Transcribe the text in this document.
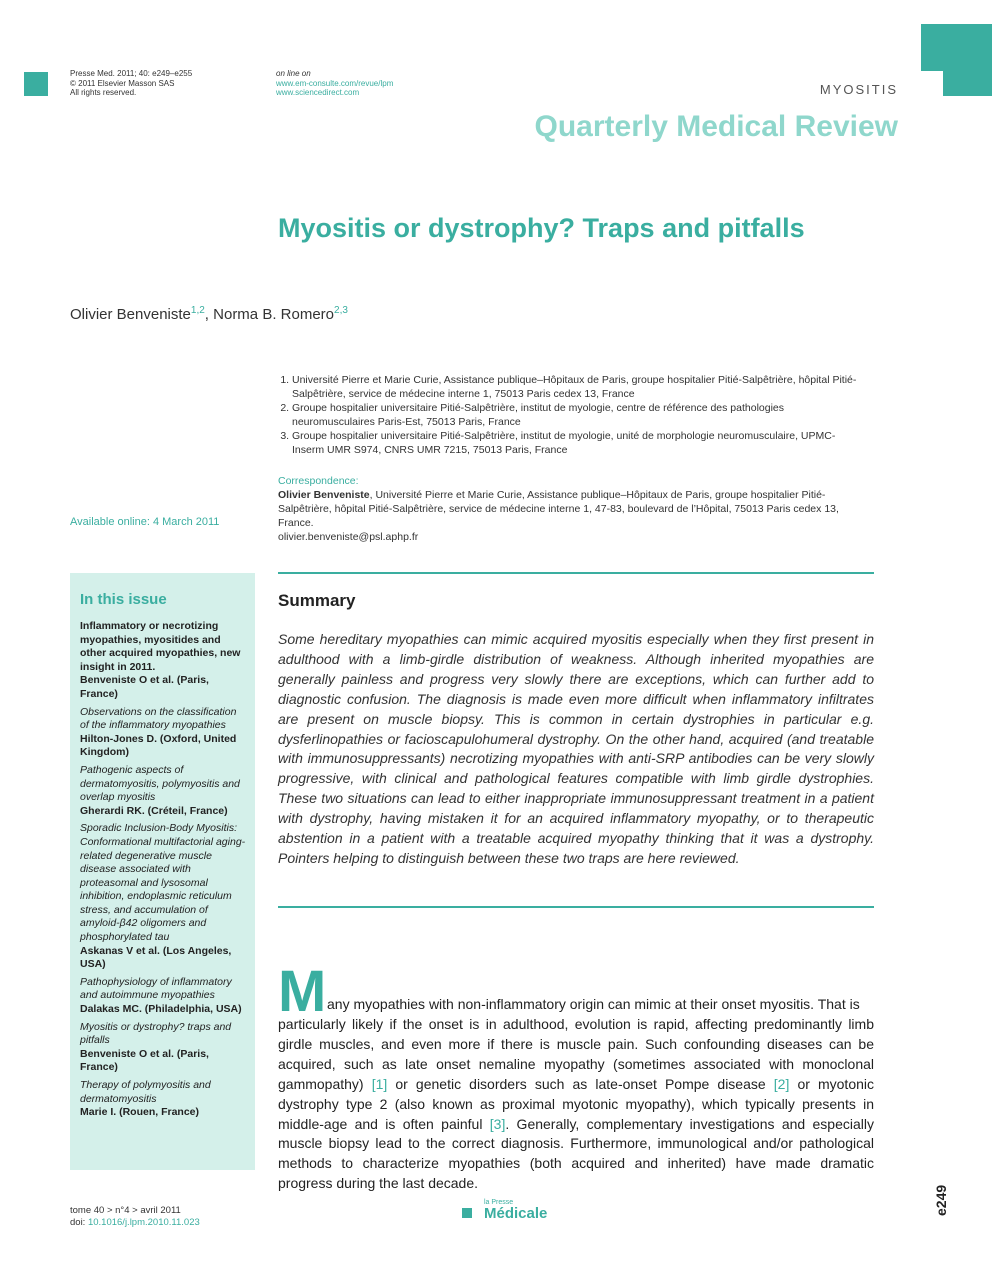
Presse Med. 2011; 40: e249–e255
© 2011 Elsevier Masson SAS
All rights reserved.
on line on
www.em-consulte.com/revue/lpm
www.sciencedirect.com	MYOSITIS
Quarterly Medical Review
Myositis or dystrophy? Traps and pitfalls
Olivier Benveniste$^{1,2}$, Norma B. Romero$^{2,3}$
1. Université Pierre et Marie Curie, Assistance publique–Hôpitaux de Paris, groupe hospitalier Pitié-Salpêtrière, hôpital Pitié-Salpêtrière, service de médecine interne 1, 75013 Paris cedex 13, France
2. Groupe hospitalier universitaire Pitié-Salpêtrière, institut de myologie, centre de référence des pathologies neuromusculaires Paris-Est, 75013 Paris, France
3. Groupe hospitalier universitaire Pitié-Salpêtrière, institut de myologie, unité de morphologie neuromusculaire, UPMC-Inserm UMR S974, CNRS UMR 7215, 75013 Paris, France
Correspondence:
Olivier Benveniste, Université Pierre et Marie Curie, Assistance publique–Hôpitaux de Paris, groupe hospitalier Pitié-Salpêtrière, hôpital Pitié-Salpêtrière, service de médecine interne 1, 47-83, boulevard de l’Hôpital, 75013 Paris cedex 13, France.
olivier.benveniste@psl.aphp.fr
Available online: 4 March 2011
In this issue
Inflammatory or necrotizing myopathies, myositides and other acquired myopathies, new insight in 2011.
Benveniste O et al. (Paris, France)
Observations on the classification of the inflammatory myopathies
Hilton-Jones D. (Oxford, United Kingdom)
Pathogenic aspects of dermatomyositis, polymyositis and overlap myositis
Gherardi RK. (Créteil, France)
Sporadic Inclusion-Body Myositis: Conformational multifactorial aging-related degenerative muscle disease associated with proteasomal and lysosomal inhibition, endoplasmic reticulum stress, and accumulation of amyloid-β42 oligomers and phosphorylated tau
Askanas V et al. (Los Angeles, USA)
Pathophysiology of inflammatory and autoimmune myopathies
Dalakas MC. (Philadelphia, USA)
Myositis or dystrophy? traps and pitfalls
Benveniste O et al. (Paris, France)
Therapy of polymyositis and dermatomyositis
Marie I. (Rouen, France)
Summary
Some hereditary myopathies can mimic acquired myositis especially when they first present in adulthood with a limb-girdle distribution of weakness. Although inherited myopathies are generally painless and progress very slowly there are exceptions, which can further add to diagnostic confusion. The diagnosis is made even more difficult when inflammatory infiltrates are present on muscle biopsy. This is common in certain dystrophies in particular e.g. dysferlinopathies or facioscapulohumeral dystrophy. On the other hand, acquired (and treatable with immunosuppressants) necrotizing myopathies with anti-SRP antibodies can be very slowly progressive, with clinical and pathological features compatible with limb girdle dystrophies. These two situations can lead to either inappropriate immunosuppressant treatment in a patient with dystrophy, having mistaken it for an acquired inflammatory myopathy, or to therapeutic abstention in a patient with a treatable acquired myopathy thinking that it was a dystrophy. Pointers helping to distinguish between these two traps are here reviewed.
M any myopathies with non-inflammatory origin can mimic at their onset myositis. That is
particularly likely if the onset is in adulthood, evolution is rapid, affecting predominantly limb girdle muscles, and even more if there is muscle pain. Such confounding diseases can be acquired, such as late onset nemaline myopathy (sometimes associated with monoclonal gammopathy) [1] or genetic disorders such as late-onset Pompe disease [2] or myotonic dystrophy type 2 (also known as proximal myotonic myopathy), which typically presents in middle-age and is often painful [3]. Generally, complementary investigations and especially muscle biopsy lead to the correct diagnosis. Furthermore, immunological and/or pathological methods to characterize myopathies (both acquired and inherited) have made dramatic progress during the last decade.
tome 40 > n°4 > avril 2011
doi: 10.1016/j.lpm.2010.11.023
la Presse
Médicale	e249
